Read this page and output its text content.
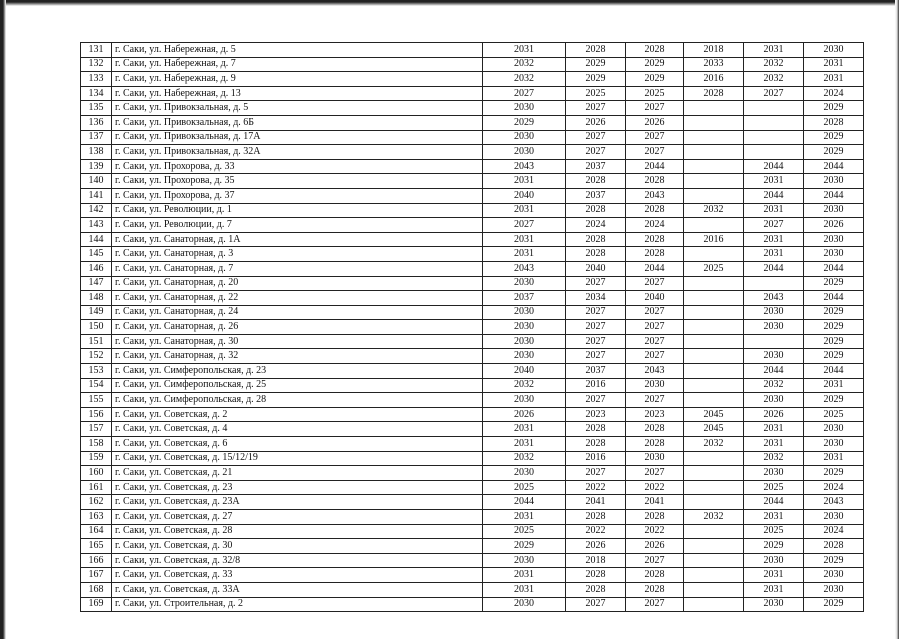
131	г. Саки, ул. Набережная, д. 5	2031	2028	2028	2018	2031	2030
132	г. Саки, ул. Набережная, д. 7	2032	2029	2029	2033	2032	2031
133	г. Саки, ул. Набережная, д. 9	2032	2029	2029	2016	2032	2031
134	г. Саки, ул. Набережная, д. 13	2027	2025	2025	2028	2027	2024
135	г. Саки, ул. Привокзальная, д. 5	2030	2027	2027			2029
136	г. Саки, ул. Привокзальная, д. 6Б	2029	2026	2026			2028
137	г. Саки, ул. Привокзальная, д. 17А	2030	2027	2027			2029
138	г. Саки, ул. Привокзальная, д. 32А	2030	2027	2027			2029
139	г. Саки, ул. Прохорова, д. 33	2043	2037	2044		2044	2044
140	г. Саки, ул. Прохорова, д. 35	2031	2028	2028		2031	2030
141	г. Саки, ул. Прохорова, д. 37	2040	2037	2043		2044	2044
142	г. Саки, ул. Революции, д. 1	2031	2028	2028	2032	2031	2030
143	г. Саки, ул. Революции, д. 7	2027	2024	2024		2027	2026
144	г. Саки, ул. Санаторная, д. 1А	2031	2028	2028	2016	2031	2030
145	г. Саки, ул. Санаторная, д. 3	2031	2028	2028		2031	2030
146	г. Саки, ул. Санаторная, д. 7	2043	2040	2044	2025	2044	2044
147	г. Саки, ул. Санаторная, д. 20	2030	2027	2027			2029
148	г. Саки, ул. Санаторная, д. 22	2037	2034	2040		2043	2044
149	г. Саки, ул. Санаторная, д. 24	2030	2027	2027		2030	2029
150	г. Саки, ул. Санаторная, д. 26	2030	2027	2027		2030	2029
151	г. Саки, ул. Санаторная, д. 30	2030	2027	2027			2029
152	г. Саки, ул. Санаторная, д. 32	2030	2027	2027		2030	2029
153	г. Саки, ул. Симферопольская, д. 23	2040	2037	2043		2044	2044
154	г. Саки, ул. Симферопольская, д. 25	2032	2016	2030		2032	2031
155	г. Саки, ул. Симферопольская, д. 28	2030	2027	2027		2030	2029
156	г. Саки, ул. Советская, д. 2	2026	2023	2023	2045	2026	2025
157	г. Саки, ул. Советская, д. 4	2031	2028	2028	2045	2031	2030
158	г. Саки, ул. Советская, д. 6	2031	2028	2028	2032	2031	2030
159	г. Саки, ул. Советская, д. 15/12/19	2032	2016	2030		2032	2031
160	г. Саки, ул. Советская, д. 21	2030	2027	2027		2030	2029
161	г. Саки, ул. Советская, д. 23	2025	2022	2022		2025	2024
162	г. Саки, ул. Советская, д. 23А	2044	2041	2041		2044	2043
163	г. Саки, ул. Советская, д. 27	2031	2028	2028	2032	2031	2030
164	г. Саки, ул. Советская, д. 28	2025	2022	2022		2025	2024
165	г. Саки, ул. Советская, д. 30	2029	2026	2026		2029	2028
166	г. Саки, ул. Советская, д. 32/8	2030	2018	2027		2030	2029
167	г. Саки, ул. Советская, д. 33	2031	2028	2028		2031	2030
168	г. Саки, ул. Советская, д. 33А	2031	2028	2028		2031	2030
169	г. Саки, ул. Строительная, д. 2	2030	2027	2027		2030	2029
